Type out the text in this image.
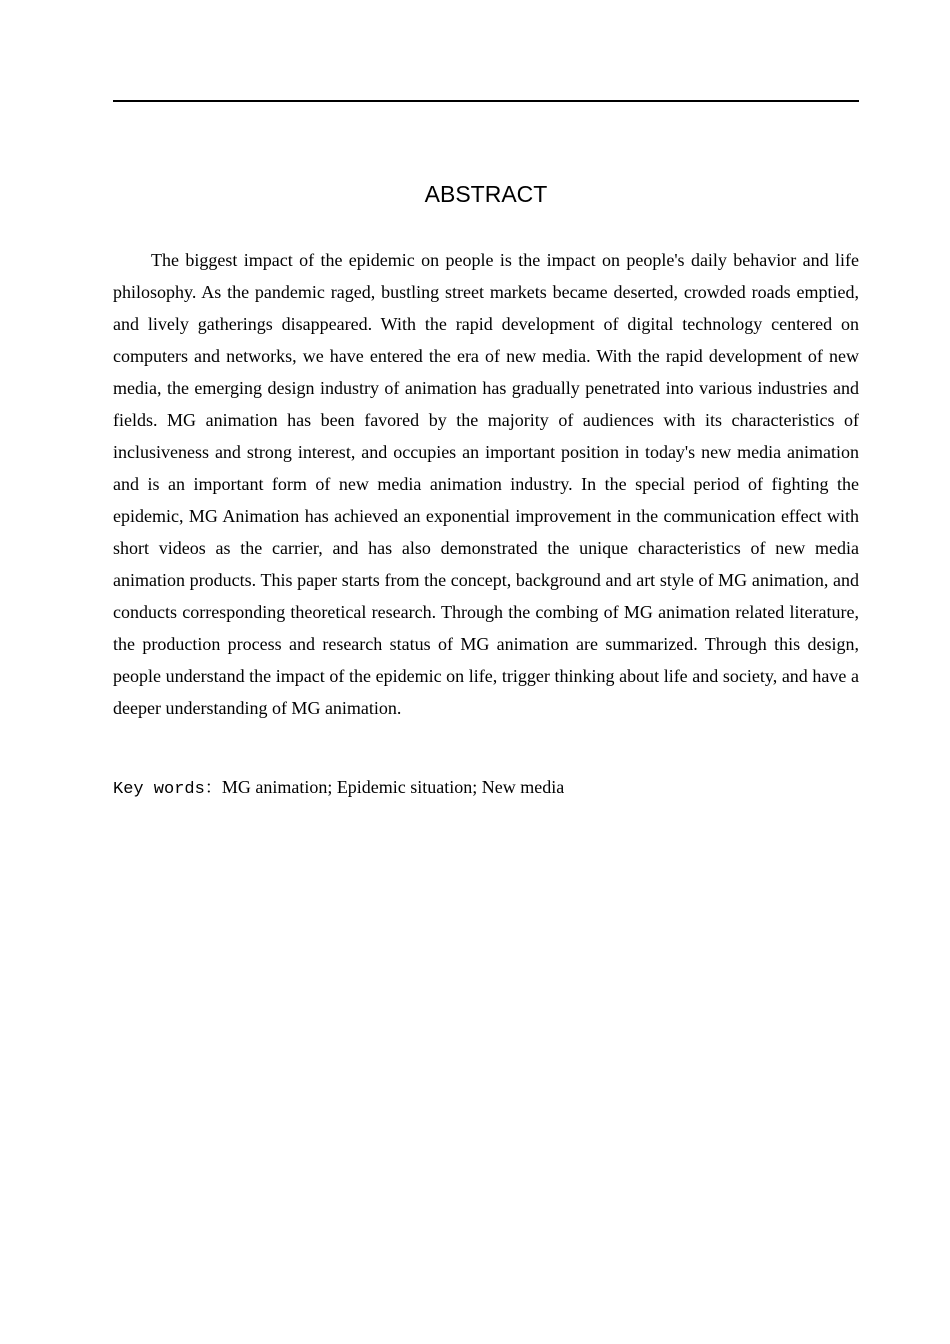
ABSTRACT

The biggest impact of the epidemic on people is the impact on people's daily behavior and life philosophy. As the pandemic raged, bustling street markets became deserted, crowded roads emptied, and lively gatherings disappeared. With the rapid development of digital technology centered on computers and networks, we have entered the era of new media. With the rapid development of new media, the emerging design industry of animation has gradually penetrated into various industries and fields. MG animation has been favored by the majority of audiences with its characteristics of inclusiveness and strong interest, and occupies an important position in today's new media animation and is an important form of new media animation industry. In the special period of fighting the epidemic, MG Animation has achieved an exponential improvement in the communication effect with short videos as the carrier, and has also demonstrated the unique characteristics of new media animation products. This paper starts from the concept, background and art style of MG animation, and conducts corresponding theoretical research. Through the combing of MG animation related literature, the production process and research status of MG animation are summarized. Through this design, people understand the impact of the epidemic on life, trigger thinking about life and society, and have a deeper understanding of MG animation.

Key words：MG animation; Epidemic situation; New media
